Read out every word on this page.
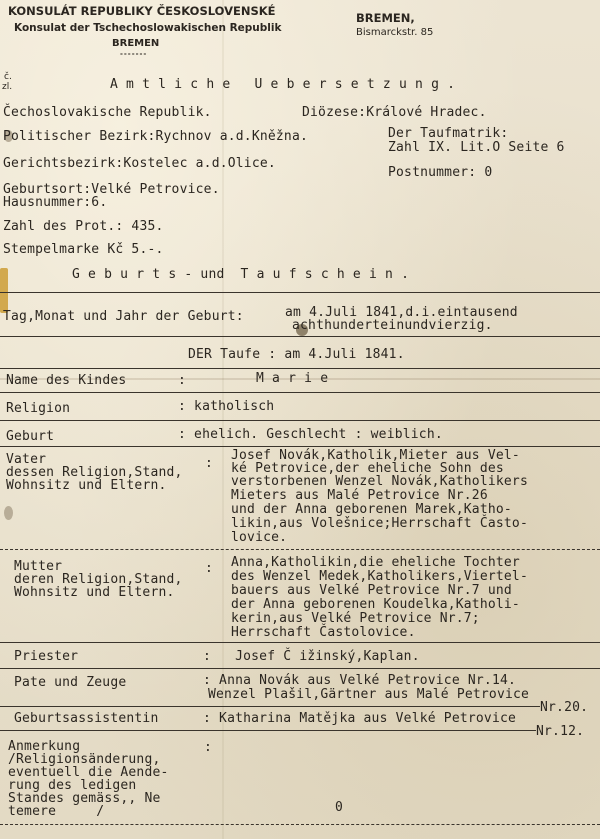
KONSULÁT REPUBLIKY ČESKOSLOVENSKÉ
Konsulat der Tschechoslowakischen Republik
BREMEN
-------
BREMEN,
Bismarckstr. 85
č.
zl.	A m t l i c h e   U e b e r s e t z u n g .
Čechoslovakische Republik.	Diözese:Králové Hradec.
Politischer Bezirk:Rychnov a.d.Kněžna.	Der Taufmatrik:
Zahl IX. Lit.O Seite 6
Gerichtsbezirk:Kostelec a.d.Olice.
Postnummer: 0
Geburtsort:Velké Petrovice.
Hausnummer:6.
Zahl des Prot.: 435.
Stempelmarke Kč 5.-.
G e b u r t s - und  T a u f s c h e i n .
Tag,Monat und Jahr der Geburt:	am 4.Juli 1841,d.i.eintausend
achthunderteinundvierzig.
DER Taufe : am 4.Juli 1841.
Name des Kindes	:	M a r i e
Religion	: katholisch
Geburt	: ehelich. Geschlecht : weiblich.
Vater
dessen Religion,Stand,
Wohnsitz und Eltern.
:
Josef Novák,Katholik,Mieter aus Vel-
ké Petrovice,der eheliche Sohn des
verstorbenen Wenzel Novák,Katholikers
Mieters aus Malé Petrovice Nr.26
und der Anna geborenen Marek,Katho-
likin,aus Volešnice;Herrschaft Častо-
lovice.
Mutter
deren Religion,Stand,
Wohnsitz und Eltern.
: Anna,Katholikin,die eheliche Tochter
des Wenzel Medek,Katholikers,Viertel-
bauers aus Velké Petrovice Nr.7 und
der Anna geborenen Koudelka,Katholi-
kerin,aus Velké Petrovice Nr.7;
Herrschaft Častolovice.
Priester	:   Josef Č ižinský,Kaplan.
Pate und Zeuge	: Anna Novák aus Velké Petrovice Nr.14.
Wenzel Plašil,Gärtner aus Malé Petrovice
Nr.20.
Geburtsassistentin	: Katharina Matějka aus Velké Petrovice
Nr.12.
Anmerkung
/Religionsänderung,
eventuell die Aende-
rung des ledigen
Standes gemäss,, Ne
temere     /
:
0
